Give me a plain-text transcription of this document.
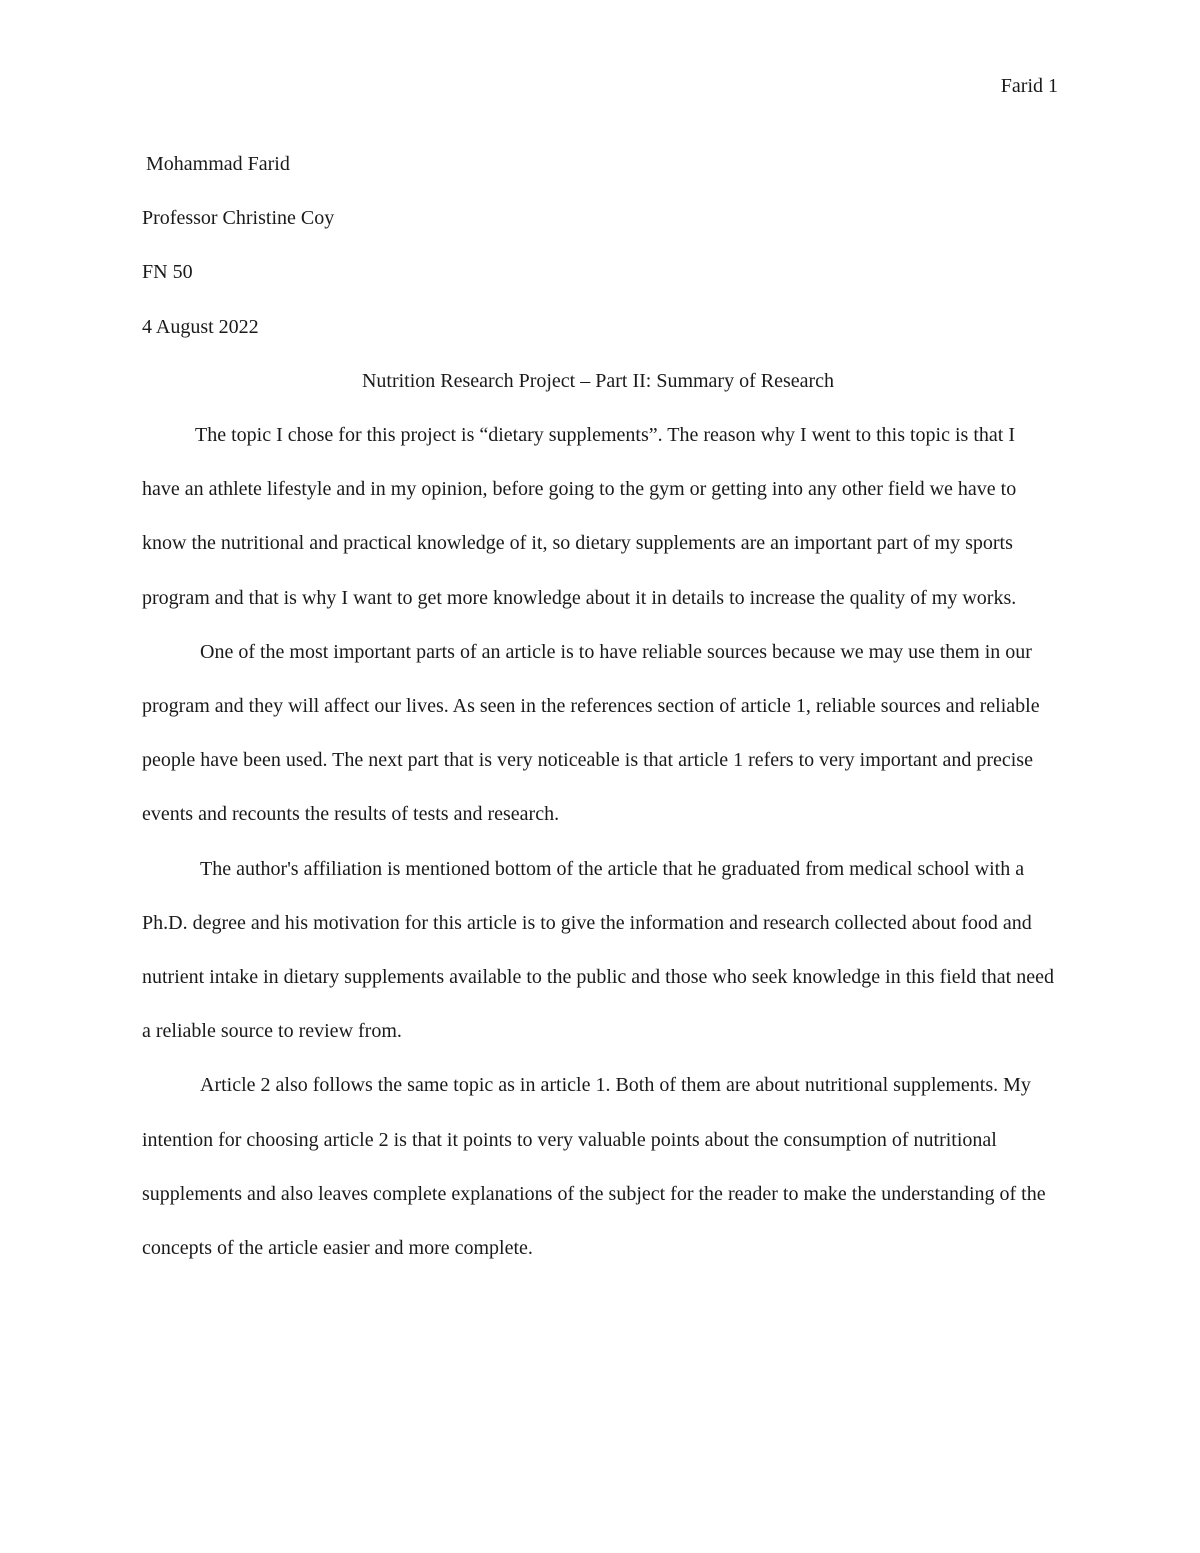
Farid 1

Mohammad Farid

Professor Christine Coy

FN 50

4 August 2022

Nutrition Research Project – Part II: Summary of Research

The topic I chose for this project is “dietary supplements”. The reason why I went to this topic is that I have an athlete lifestyle and in my opinion, before going to the gym or getting into any other field we have to know the nutritional and practical knowledge of it, so dietary supplements are an important part of my sports program and that is why I want to get more knowledge about it in details to increase the quality of my works.

One of the most important parts of an article is to have reliable sources because we may use them in our program and they will affect our lives. As seen in the references section of article 1, reliable sources and reliable people have been used. The next part that is very noticeable is that article 1 refers to very important and precise events and recounts the results of tests and research.

The author's affiliation is mentioned bottom of the article that he graduated from medical school with a Ph.D. degree and his motivation for this article is to give the information and research collected about food and nutrient intake in dietary supplements available to the public and those who seek knowledge in this field that need a reliable source to review from.

Article 2 also follows the same topic as in article 1. Both of them are about nutritional supplements. My intention for choosing article 2 is that it points to very valuable points about the consumption of nutritional supplements and also leaves complete explanations of the subject for the reader to make the understanding of the concepts of the article easier and more complete.
